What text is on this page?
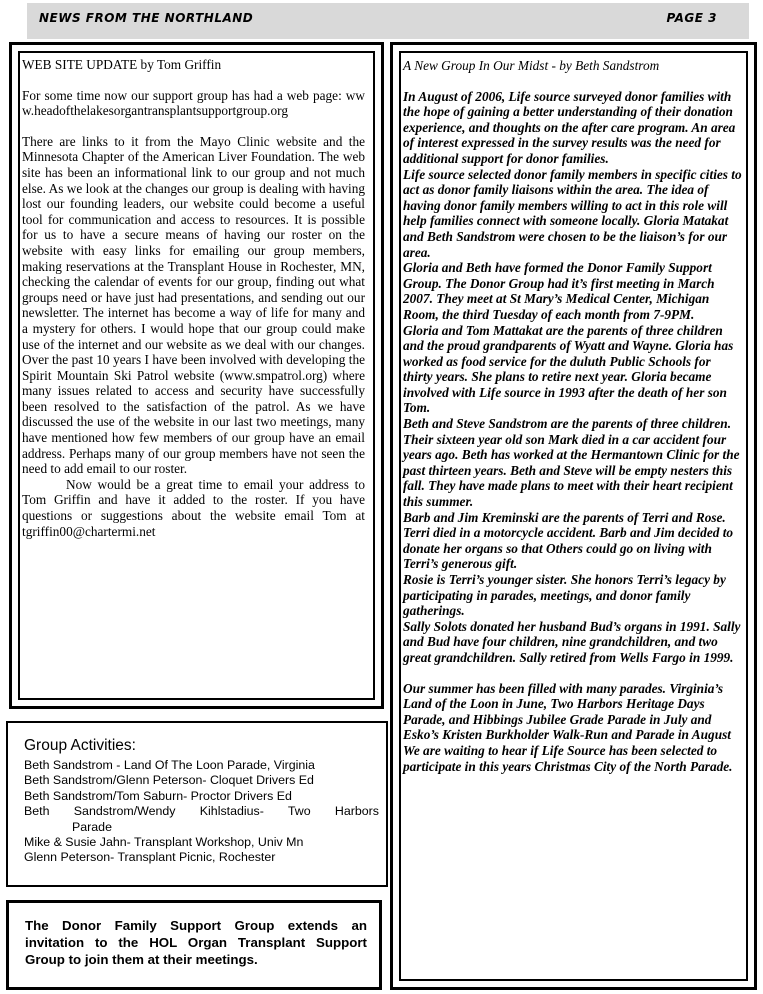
NEWS FROM THE NORTHLAND	PAGE 3

WEB SITE UPDATE by Tom Griffin

For some time now our support group has had a web page: www.headofthelakesorgantransplantsupportgroup.org

There are links to it from the Mayo Clinic website and the Minnesota Chapter of the American Liver Foundation. The web site has been an informational link to our group and not much else. As we look at the changes our group is dealing with having lost our founding leaders, our website could become a useful tool for communication and access to resources. It is possible for us to have a secure means of having our roster on the website with easy links for emailing our group members, making reservations at the Transplant House in Rochester, MN, checking the calendar of events for our group, finding out what groups need or have just had presentations, and sending out our newsletter. The internet has become a way of life for many and a mystery for others. I would hope that our group could make use of the internet and our website as we deal with our changes. Over the past 10 years I have been involved with developing the Spirit Mountain Ski Patrol website (www.smpatrol.org) where many issues related to access and security have successfully been resolved to the satisfaction of the patrol. As we have discussed the use of the website in our last two meetings, many have mentioned how few members of our group have an email address. Perhaps many of our group members have not seen the need to add email to our roster.

Now would be a great time to email your address to Tom Griffin and have it added to the roster. If you have questions or suggestions about the website email Tom at tgriffin00@chartermi.net

A New Group In Our Midst - by Beth Sandstrom

In August of 2006, Life source surveyed donor families with the hope of gaining a better understanding of their donation experience, and thoughts on the after care program. An area of interest expressed in the survey results was the need for additional support for donor families.

Life source selected donor family members in specific cities to act as donor family liaisons within the area. The idea of having donor family members willing to act in this role will help families connect with someone locally. Gloria Matakat and Beth Sandstrom were chosen to be the liaison’s for our area.

Gloria and Beth have formed the Donor Family Support Group. The Donor Group had it’s first meeting in March 2007. They meet at St Mary’s Medical Center, Michigan Room, the third Tuesday of each month from 7-9PM.

Gloria and Tom Mattakat are the parents of three children and the proud grandparents of Wyatt and Wayne. Gloria has worked as food service for the duluth Public Schools for thirty years. She plans to retire next year. Gloria became involved with Life source in 1993 after the death of her son Tom.

Beth and Steve Sandstrom are the parents of three children. Their sixteen year old son Mark died in a car accident four years ago. Beth has worked at the Hermantown Clinic for the past thirteen years. Beth and Steve will be empty nesters this fall. They have made plans to meet with their heart recipient this summer.

Barb and Jim Kreminski are the parents of Terri and Rose. Terri died in a motorcycle accident. Barb and Jim decided to donate her organs so that Others could go on living with Terri’s generous gift.

Rosie is Terri’s younger sister. She honors Terri’s legacy by participating in parades, meetings, and donor family gatherings.

Sally Solots donated her husband Bud’s organs in 1991. Sally and Bud have four children, nine grandchildren, and two great grandchildren. Sally retired from Wells Fargo in 1999.

Our summer has been filled with many parades. Virginia’s Land of the Loon in June, Two Harbors Heritage Days Parade, and Hibbings Jubilee Grade Parade in July and Esko’s Kristen Burkholder Walk-Run and Parade in August We are waiting to hear if Life Source has been selected to participate in this years Christmas City of the North Parade.

Group Activities:
Beth Sandstrom - Land Of The Loon Parade, Virginia
Beth Sandstrom/Glenn Peterson- Cloquet Drivers Ed
Beth Sandstrom/Tom Saburn- Proctor Drivers Ed
Beth Sandstrom/Wendy Kihlstadius- Two Harbors
Parade
Mike & Susie Jahn- Transplant Workshop, Univ Mn
Glenn Peterson- Transplant Picnic, Rochester
The Donor Family Support Group extends an invitation to the HOL Organ Transplant Support Group to join them at their meetings.
